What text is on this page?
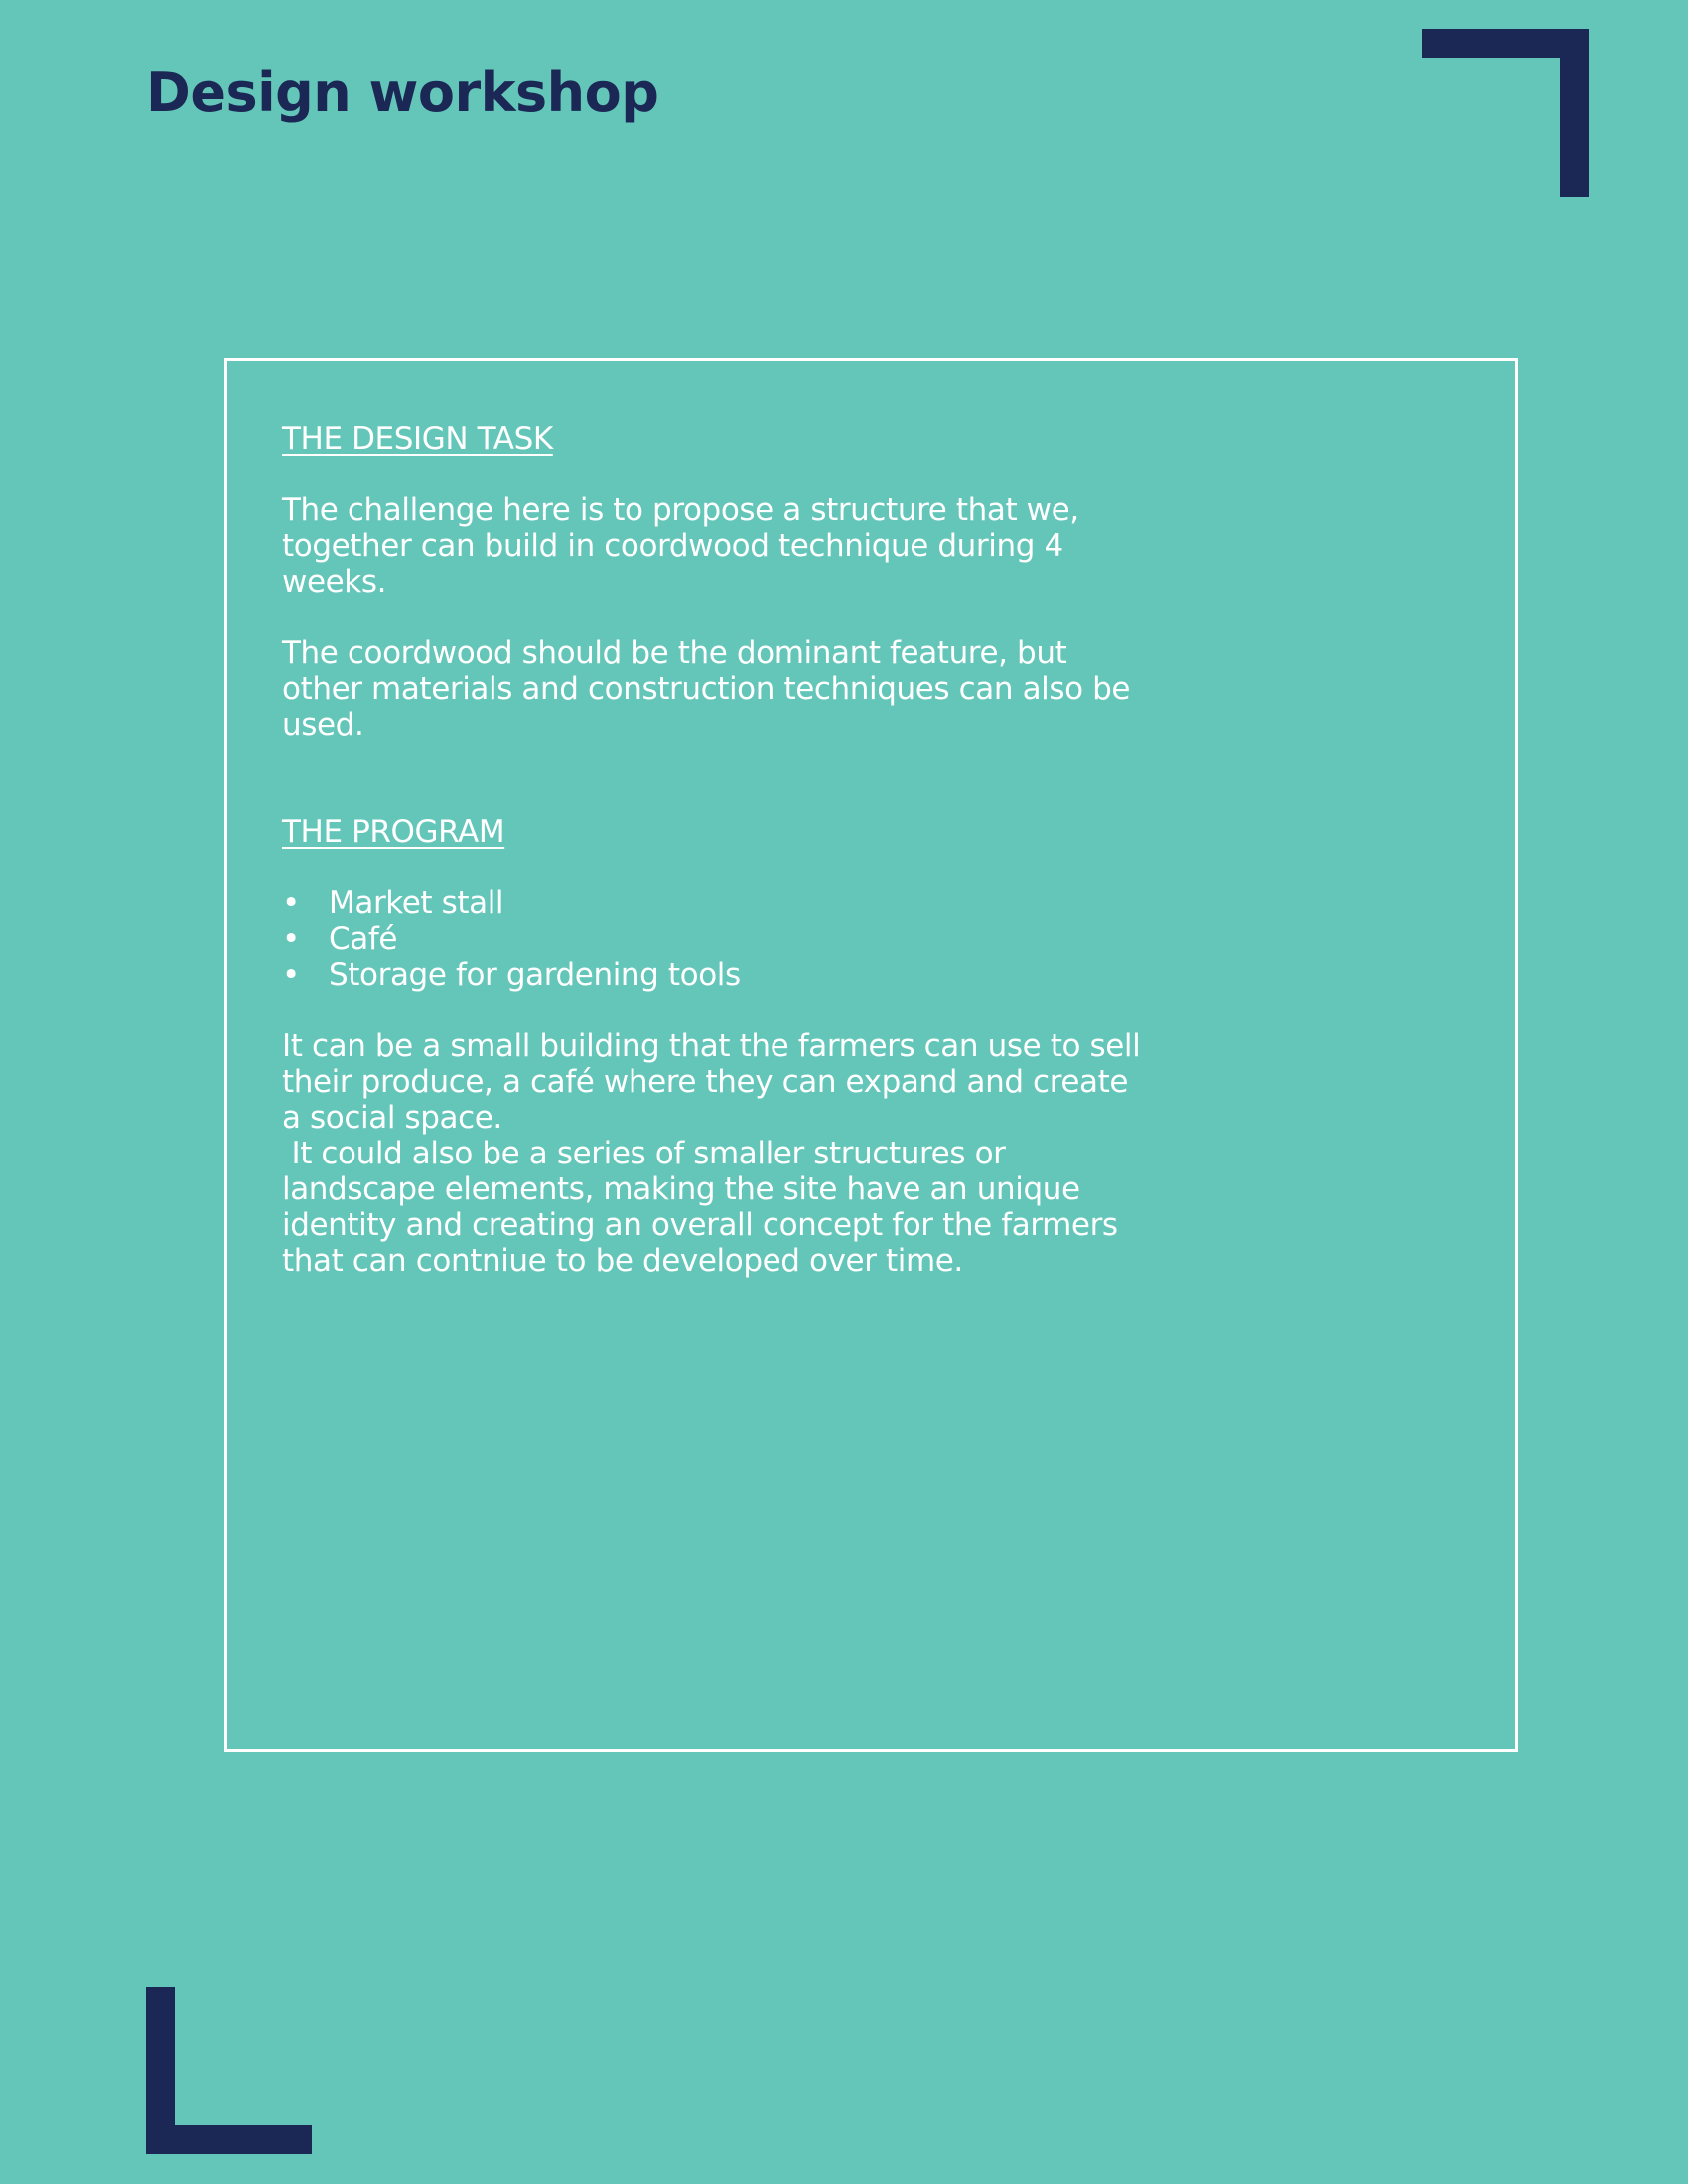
Design workshop

THE DESIGN TASK

The challenge here is to propose a structure that we,

together can build in coordwood technique during 4

weeks.

The coordwood should be the dominant feature, but

other materials and construction techniques can also be

used.

THE PROGRAM

• Market stall
• Café
• Storage for gardening tools

It can be a small building that the farmers can use to sell

their produce, a café where they can expand and create

a social space.

It could also be a series of smaller structures or

landscape elements, making the site have an unique

identity and creating an overall concept for the farmers

that can contniue to be developed over time.
